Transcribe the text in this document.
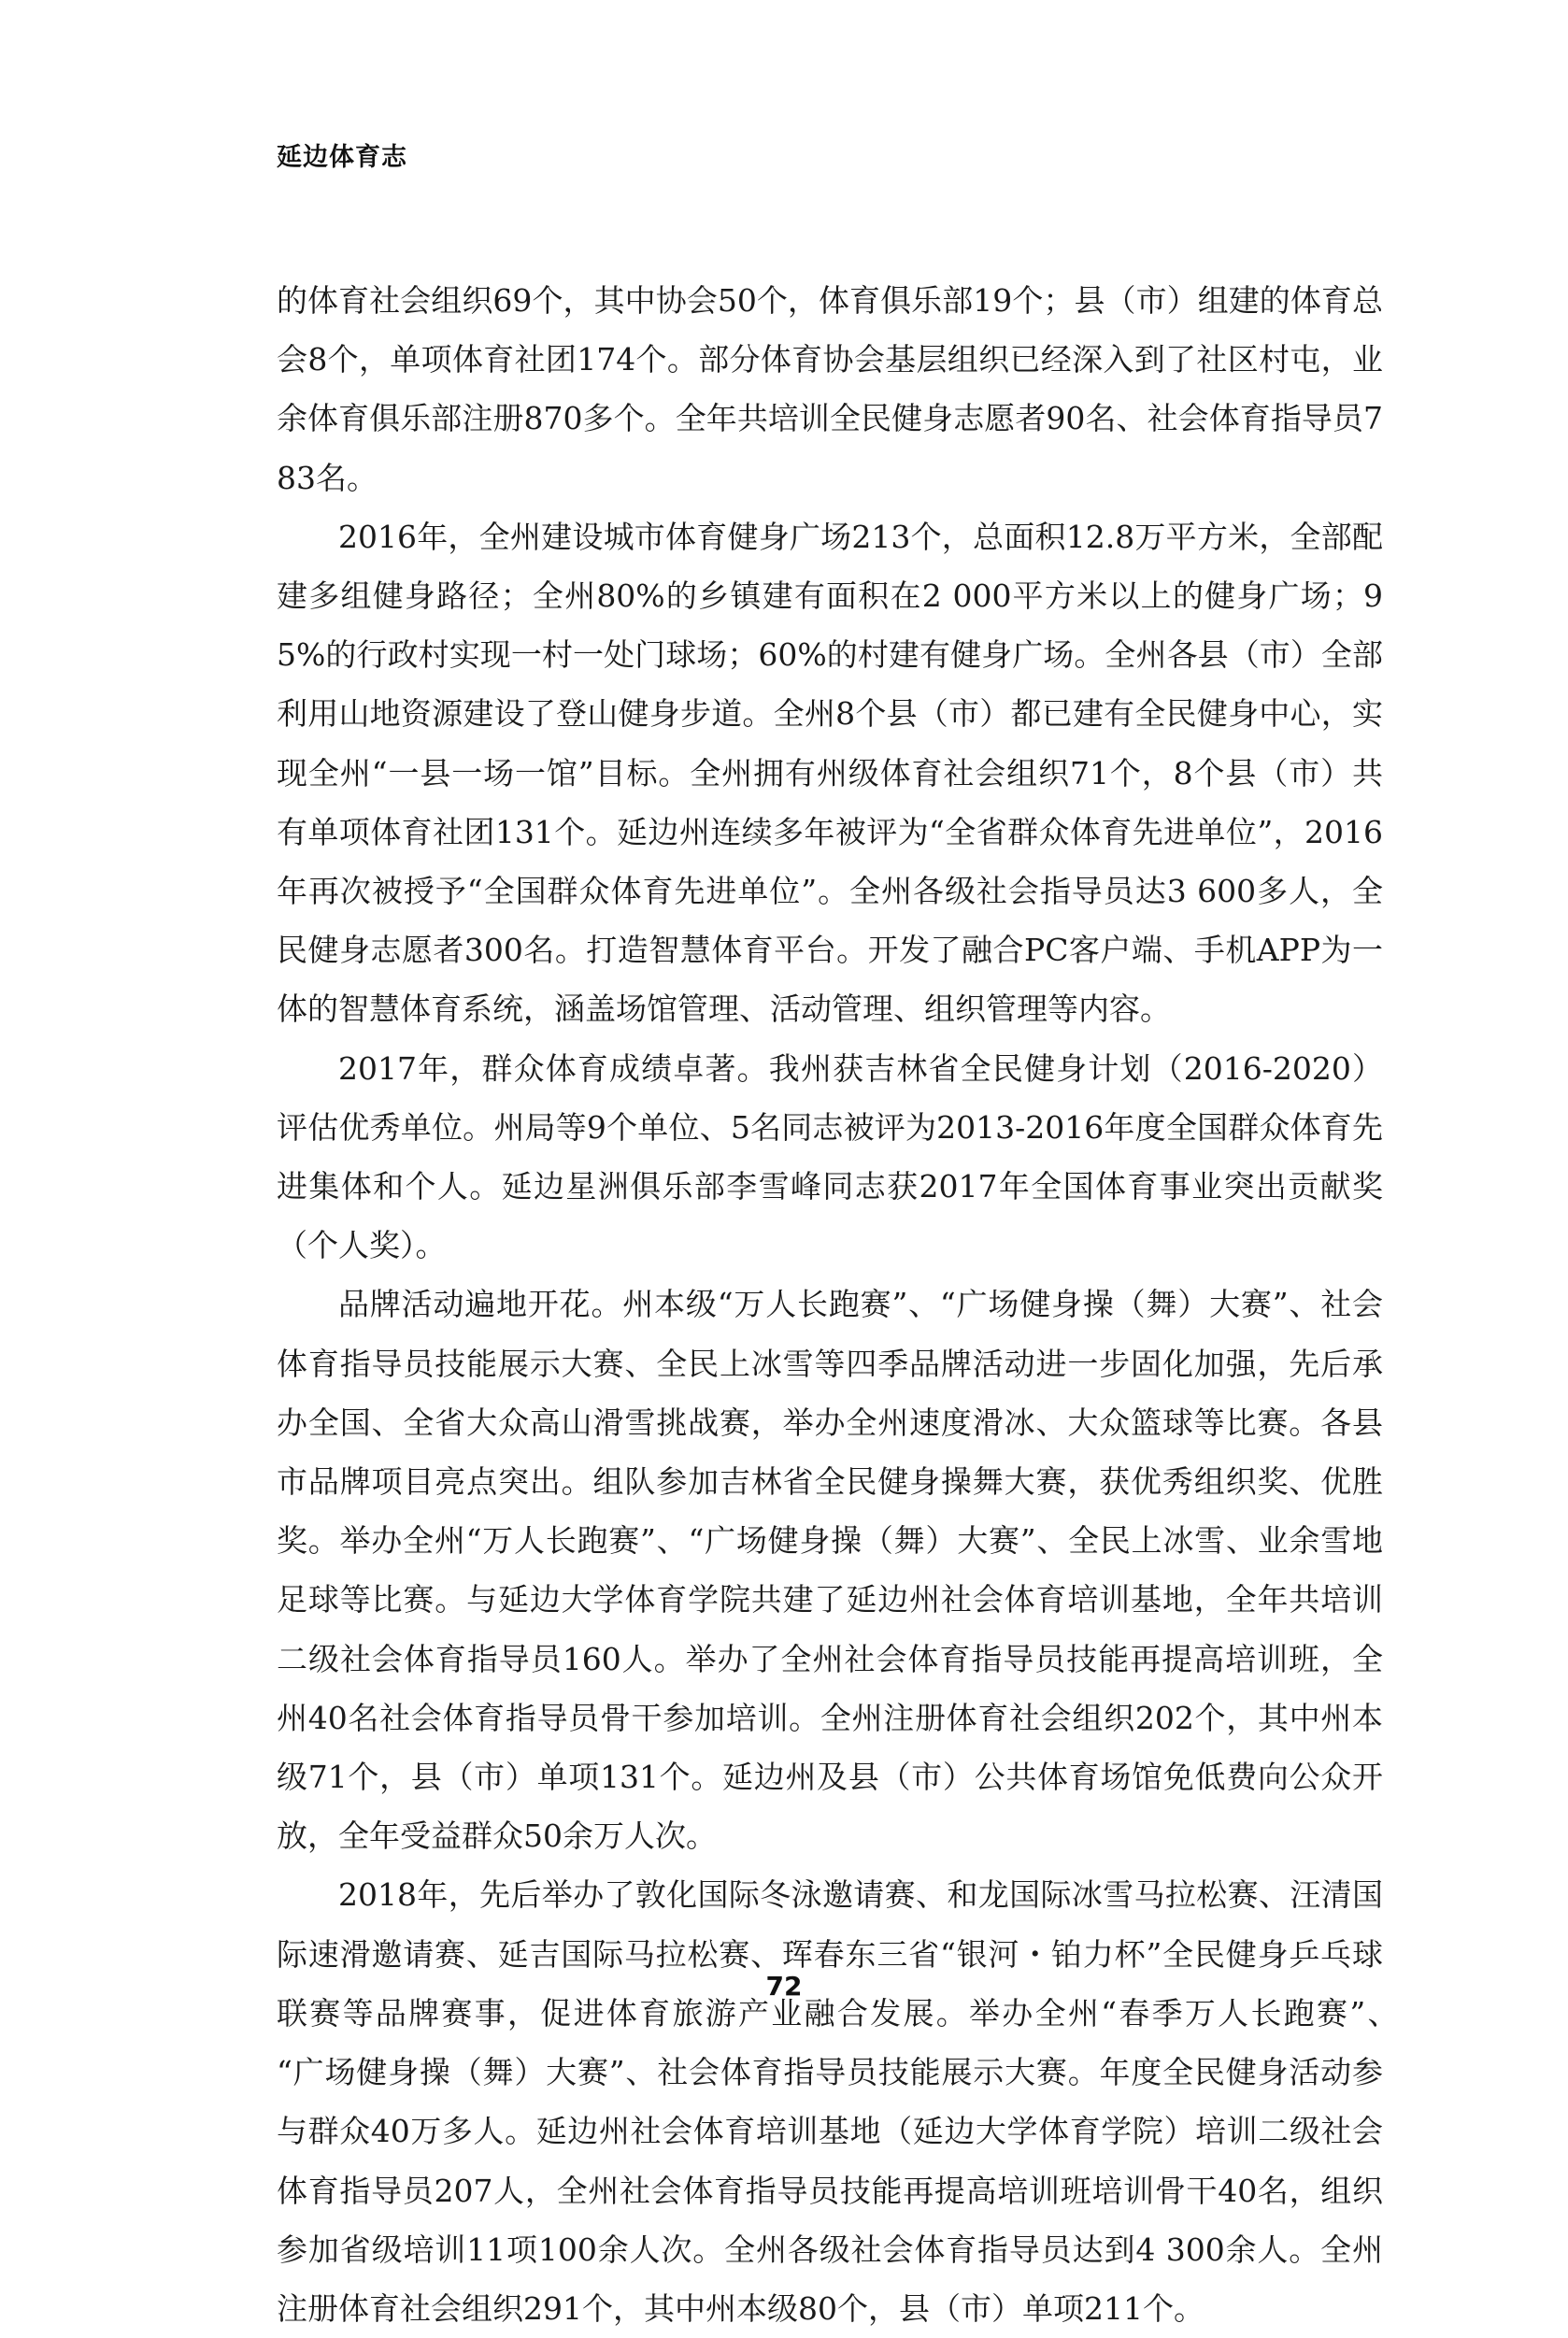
延边体育志

的体育社会组织69个，其中协会50个，体育俱乐部19个；县（市）组建的体育总会8个，单项体育社团174个。部分体育协会基层组织已经深入到了社区村屯，业余体育俱乐部注册870多个。全年共培训全民健身志愿者90名、社会体育指导员783名。

2016年，全州建设城市体育健身广场213个，总面积12.8万平方米，全部配建多组健身路径；全州80%的乡镇建有面积在2 000平方米以上的健身广场；95%的行政村实现一村一处门球场；60%的村建有健身广场。全州各县（市）全部利用山地资源建设了登山健身步道。全州8个县（市）都已建有全民健身中心，实现全州“一县一场一馆”目标。全州拥有州级体育社会组织71个，8个县（市）共有单项体育社团131个。延边州连续多年被评为“全省群众体育先进单位”，2016年再次被授予“全国群众体育先进单位”。全州各级社会指导员达3 600多人，全民健身志愿者300名。打造智慧体育平台。开发了融合PC客户端、手机APP为一体的智慧体育系统，涵盖场馆管理、活动管理、组织管理等内容。

2017年，群众体育成绩卓著。我州获吉林省全民健身计划（2016-2020）评估优秀单位。州局等9个单位、5名同志被评为2013-2016年度全国群众体育先进集体和个人。延边星洲俱乐部李雪峰同志获2017年全国体育事业突出贡献奖（个人奖）。

品牌活动遍地开花。州本级“万人长跑赛”、“广场健身操（舞）大赛”、社会体育指导员技能展示大赛、全民上冰雪等四季品牌活动进一步固化加强，先后承办全国、全省大众高山滑雪挑战赛，举办全州速度滑冰、大众篮球等比赛。各县市品牌项目亮点突出。组队参加吉林省全民健身操舞大赛，获优秀组织奖、优胜奖。举办全州“万人长跑赛”、“广场健身操（舞）大赛”、全民上冰雪、业余雪地足球等比赛。与延边大学体育学院共建了延边州社会体育培训基地，全年共培训二级社会体育指导员160人。举办了全州社会体育指导员技能再提高培训班，全州40名社会体育指导员骨干参加培训。全州注册体育社会组织202个，其中州本级71个，县（市）单项131个。延边州及县（市）公共体育场馆免低费向公众开放，全年受益群众50余万人次。

2018年，先后举办了敦化国际冬泳邀请赛、和龙国际冰雪马拉松赛、汪清国际速滑邀请赛、延吉国际马拉松赛、珲春东三省“银河・铂力杯”全民健身乒乓球联赛等品牌赛事，促进体育旅游产业融合发展。举办全州“春季万人长跑赛”、　“广场健身操（舞）大赛”、社会体育指导员技能展示大赛。年度全民健身活动参与群众40万多人。延边州社会体育培训基地（延边大学体育学院）培训二级社会体育指导员207人，全州社会体育指导员技能再提高培训班培训骨干40名，组织参加省级培训11项100余人次。全州各级社会体育指导员达到4 300余人。全州注册体育社会组织291个，其中州本级80个，县（市）单项211个。

72
